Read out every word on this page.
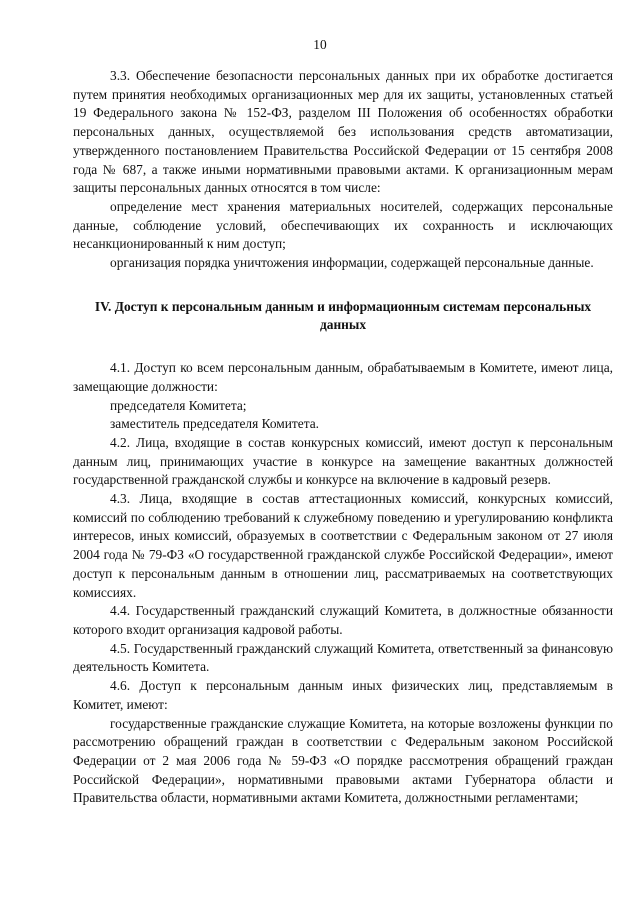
10

3.3. Обеспечение безопасности персональных данных при их обработке достигается путем принятия необходимых организационных мер для их защиты, установленных статьей 19 Федерального закона № 152-ФЗ, разделом III Положения об особенностях обработки персональных данных, осуществляемой без использования средств автоматизации, утвержденного постановлением Правительства Российской Федерации от 15 сентября 2008 года № 687, а также иными нормативными правовыми актами. К организационным мерам защиты персональных данных относятся в том числе:

определение мест хранения материальных носителей, содержащих персональные данные, соблюдение условий, обеспечивающих их сохранность и исключающих несанкционированный к ним доступ;

организация порядка уничтожения информации, содержащей персональные данные.

IV. Доступ к персональным данным и информационным системам персональных данных

4.1. Доступ ко всем персональным данным, обрабатываемым в Комитете, имеют лица, замещающие должности:

председателя Комитета;

заместитель председателя Комитета.

4.2. Лица, входящие в состав конкурсных комиссий, имеют доступ к персональным данным лиц, принимающих участие в конкурсе на замещение вакантных должностей государственной гражданской службы и конкурсе на включение в кадровый резерв.

4.3. Лица, входящие в состав аттестационных комиссий, конкурсных комиссий, комиссий по соблюдению требований к служебному поведению и урегулированию конфликта интересов, иных комиссий, образуемых в соответствии с Федеральным законом от 27 июля 2004 года № 79-ФЗ «О государственной гражданской службе Российской Федерации», имеют доступ к персональным данным в отношении лиц, рассматриваемых на соответствующих комиссиях.

4.4. Государственный гражданский служащий Комитета, в должностные обязанности которого входит организация кадровой работы.

4.5. Государственный гражданский служащий Комитета, ответственный за финансовую деятельность Комитета.

4.6. Доступ к персональным данным иных физических лиц, представляемым в Комитет, имеют:

государственные гражданские служащие Комитета, на которые возложены функции по рассмотрению обращений граждан в соответствии с Федеральным законом Российской Федерации от 2 мая 2006 года № 59-ФЗ «О порядке рассмотрения обращений граждан Российской Федерации», нормативными правовыми актами Губернатора области и Правительства области, нормативными актами Комитета, должностными регламентами;
